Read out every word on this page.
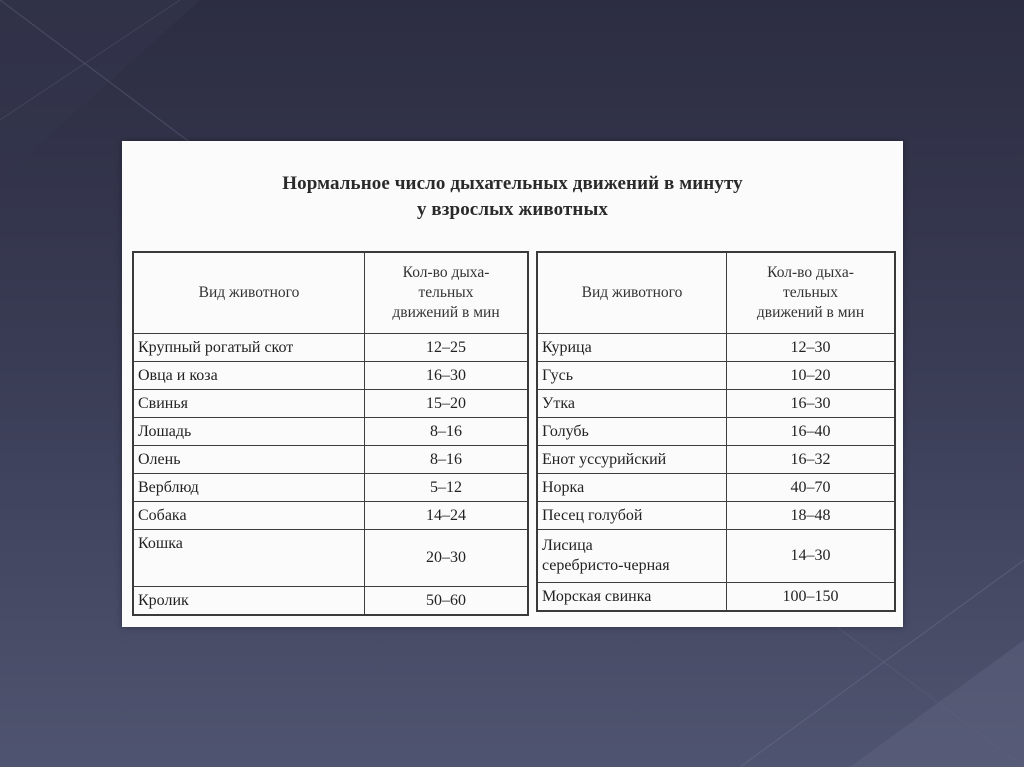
Нормальное число дыхательных движений в минуту
у взрослых животных
Вид животного	Кол-во дыха-
тельных
движений в мин

Крупный рогатый скот	12–25
Овца и коза	16–30
Свинья	15–20
Лошадь	8–16
Олень	8–16
Верблюд	5–12
Собака	14–24
Кошка	20–30
Кролик	50–60
Вид животного	Кол-во дыха-
тельных
движений в мин

Курица	12–30
Гусь	10–20
Утка	16–30
Голубь	16–40
Енот уссурийский	16–32
Норка	40–70
Песец голубой	18–48

Лисица
серебристо-черная	14–30
Морская свинка	100–150
